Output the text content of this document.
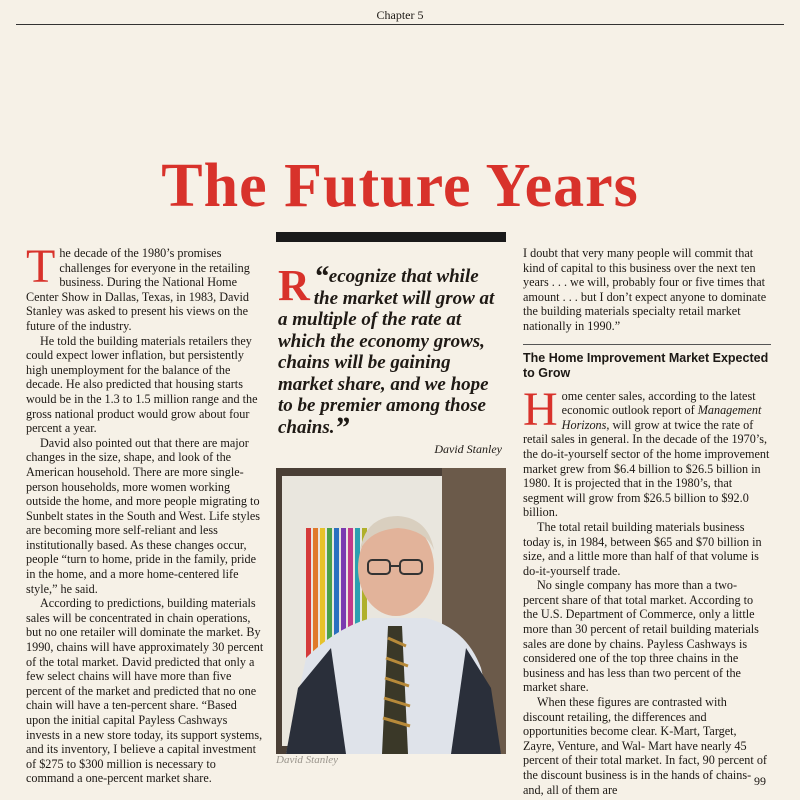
Chapter 5
The Future Years

The decade of the 1980’s promises challenges for everyone in the retailing business. During the National Home Center Show in Dallas, Texas, in 1983, David Stanley was asked to present his views on the future of the industry.

He told the building materials retailers they could expect lower inflation, but persistently high unemployment for the balance of the decade. He also predicted that housing starts would be in the 1.3 to 1.5 million range and the gross national product would grow about four percent a year.

David also pointed out that there are major changes in the size, shape, and look of the American household. There are more single-person households, more women working outside the home, and more people migrating to Sunbelt states in the South and West. Life styles are becoming more self-reliant and less institutionally based. As these changes occur, people “turn to home, pride in the family, pride in the home, and a more home-centered life style,” he said.

According to predictions, building materials sales will be concentrated in chain operations, but no one retailer will dominate the market. By 1990, chains will have approximately 30 percent of the total market. David predicted that only a few select chains will have more than five percent of the market and predicted that no one chain will have a ten-percent share. “Based upon the initial capital Payless Cashways invests in a new store today, its support systems, and its inventory, I believe a capital investment of $275 to $300 million is necessary to command a one-percent market share.

“
R ecognize that while the market will grow at a multiple of the rate at which the economy grows, chains will be gaining market share, and we hope to be premier among those chains.”
David Stanley
David Stanley

I doubt that very many people will commit that kind of capital to this business over the next ten years . . . we will, probably four or five times that amount . . . but I don’t expect anyone to dominate the building materials specialty retail market nationally in 1990.”

The Home Improvement Market Expected to Grow

Home center sales, according to the latest economic outlook report of Management Horizons, will grow at twice the rate of retail sales in general. In the decade of the 1970’s, the do-it-yourself sector of the home improvement market grew from $6.4 billion to $26.5 billion in 1980. It is projected that in the 1980’s, that segment will grow from $26.5 billion to $92.0 billion.

The total retail building materials business today is, in 1984, between $65 and $70 billion in size, and a little more than half of that volume is do-it-yourself trade.

No single company has more than a two- percent share of that total market. According to the U.S. Department of Commerce, only a little more than 30 percent of retail building materials sales are done by chains. Payless Cashways is considered one of the top three chains in the business and has less than two percent of the market share.

When these figures are contrasted with discount retailing, the differences and opportunities become clear. K-Mart, Target, Zayre, Venture, and Wal- Mart have nearly 45 percent of their total market. In fact, 90 percent of the discount business is in the hands of chains-and, all of them are

99
